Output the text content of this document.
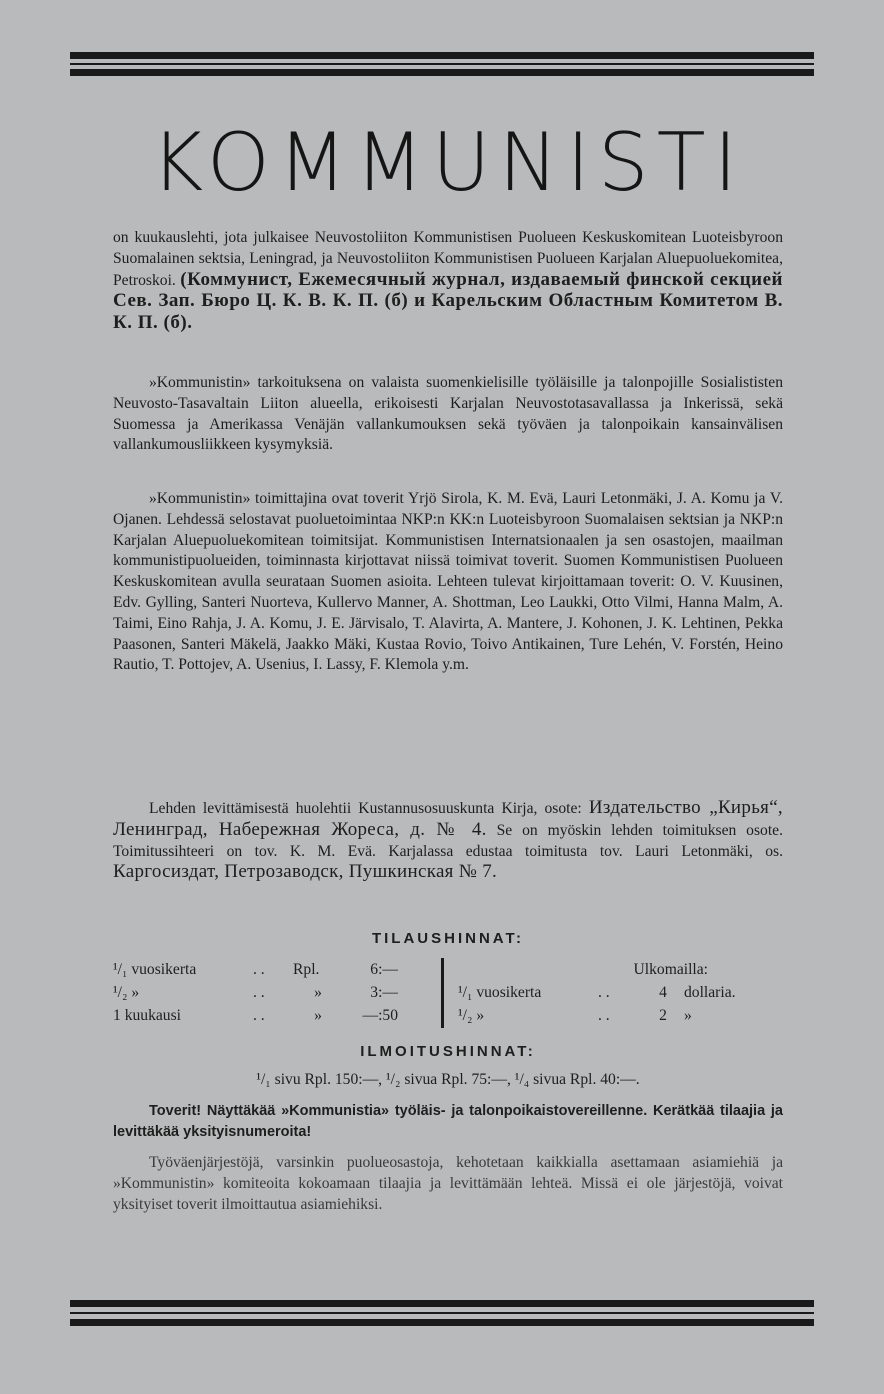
KOMMUNISTI

on kuukauslehti, jota julkaisee Neuvostoliiton Kommunistisen Puolueen Keskuskomitean Luoteisbyroon Suomalainen sektsia, Leningrad, ja Neuvostoliiton Kommunistisen Puolueen Karjalan Aluepuoluekomitea, Petroskoi. (Коммунист, Ежемесячный журнал, издаваемый финской секцией Сев. Зап. Бюро Ц. К. В. К. П. (б) и Карельским Областным Комитетом В. К. П. (б).

»Kommunistin» tarkoituksena on valaista suomenkielisille työläisille ja talonpojille Sosialististen Neuvosto-Tasavaltain Liiton alueella, erikoisesti Karjalan Neuvostotasavallassa ja Inkerissä, sekä Suomessa ja Amerikassa Venäjän vallankumouksen sekä työväen ja talonpoikain kansainvälisen vallankumousliikkeen kysymyksiä.

»Kommunistin» toimittajina ovat toverit Yrjö Sirola, K. M. Evä, Lauri Letonmäki, J. A. Komu ja V. Ojanen. Lehdessä selostavat puoluetoimintaa NKP:n KK:n Luoteisbyroon Suomalaisen sektsian ja NKP:n Karjalan Aluepuoluekomitean toimitsijat. Kommunistisen Internatsionaalen ja sen osastojen, maailman kommunistipuolueiden, toiminnasta kirjottavat niissä toimivat toverit. Suomen Kommunistisen Puolueen Keskuskomitean avulla seurataan Suomen asioita. Lehteen tulevat kirjoittamaan toverit: O. V. Kuusinen, Edv. Gylling, Santeri Nuorteva, Kullervo Manner, A. Shottman, Leo Laukki, Otto Vilmi, Hanna Malm, A. Taimi, Eino Rahja, J. A. Komu, J. E. Järvisalo, T. Alavirta, A. Mantere, J. Kohonen, J. K. Lehtinen, Pekka Paasonen, Santeri Mäkelä, Jaakko Mäki, Kustaa Rovio, Toivo Antikainen, Ture Lehén, V. Forstén, Heino Rautio, T. Pottojev, A. Usenius, I. Lassy, F. Klemola y.m.

Lehden levittämisestä huolehtii Kustannusosuuskunta Kirja, osote: Издательство „Кирья“, Ленинград, Набережная Жореса, д. № 4. Se on myöskin lehden toimituksen osote. Toimitussihteeri on tov. K. M. Evä. Karjalassa edustaa toimitusta tov. Lauri Letonmäki, os. Каргосиздат, Петрозаводск, Пушкинская № 7.

TILAUSHINNAT:
¹/₁ vuosikerta	. . Rpl.	6:—
¹/₂ »	. .	»	3:—
1 kuukausi	. .	»	—:50
Ulkomailla:
¹/₁ vuosikerta	. .	4 dollaria.
¹/₂ »	. .	2 »
ILMOITUSHINNAT:
¹/₁ sivu Rpl. 150:—, ¹/₂ sivua Rpl. 75:—, ¹/₄ sivua Rpl. 40:—.
Toverit! Näyttäkää »Kommunistia» työläis- ja talonpoikaistovereillenne. Kerätkää tilaajia ja levittäkää yksityisnumeroita!

Työväenjärjestöjä, varsinkin puolueosastoja, kehotetaan kaikkialla asettamaan asiamiehiä ja »Kommunistin» komiteoita kokoamaan tilaajia ja levittämään lehteä. Missä ei ole järjestöjä, voivat yksityiset toverit ilmoittautua asiamiehiksi.
